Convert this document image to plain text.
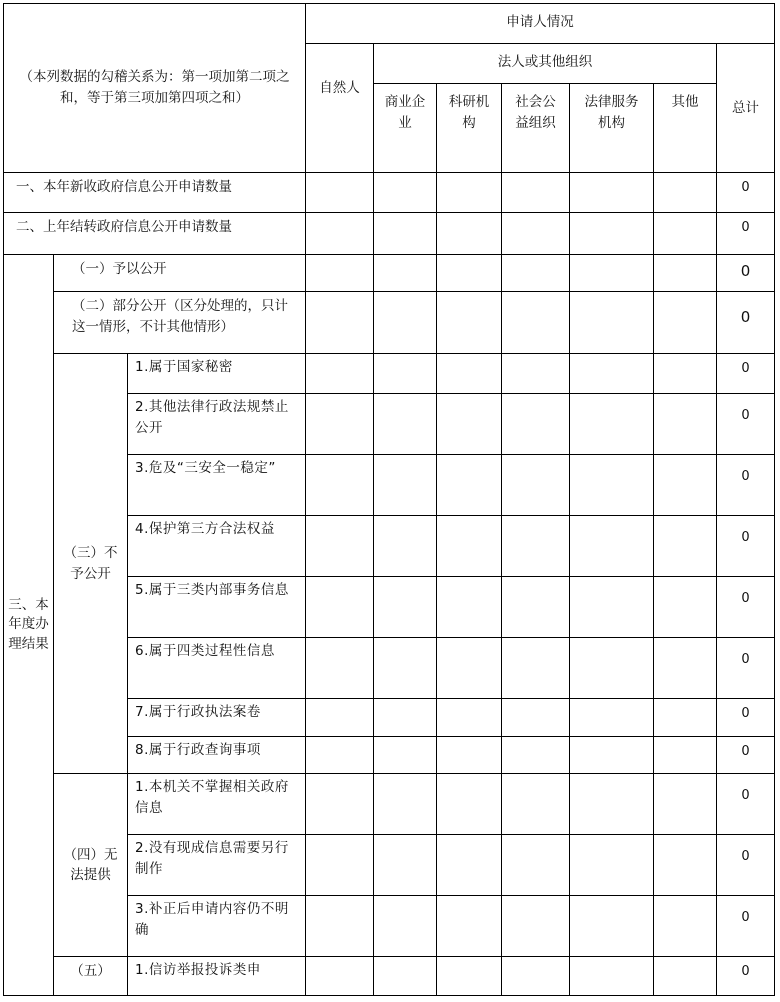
（本列数据的勾稽关系为：第一项加第二项之和，等于第三项加第四项之和）			申请人情况						
			自然人	法人或其他组织					总计
				商业企业	科研机构	社会公益组织	法律服务机构	其他	
一、本年新收政府信息公开申请数量									0
二、上年结转政府信息公开申请数量									0
三、本年度办理结果	（一）予以公开								0
	（二）部分公开（区分处理的，只计这一情形，不计其他情形）								0
	（三）不予公开	1.属于国家秘密							0
		2.其他法律行政法规禁止公开							0
		3.危及“三安全一稳定”							0
		4.保护第三方合法权益							0
		5.属于三类内部事务信息							0
		6.属于四类过程性信息							0
		7.属于行政执法案卷							0
		8.属于行政查询事项							0
	（四）无法提供	1.本机关不掌握相关政府信息							0
		2.没有现成信息需要另行制作							0
		3.补正后申请内容仍不明确							0
	（五）	1.信访举报投诉类申							0
